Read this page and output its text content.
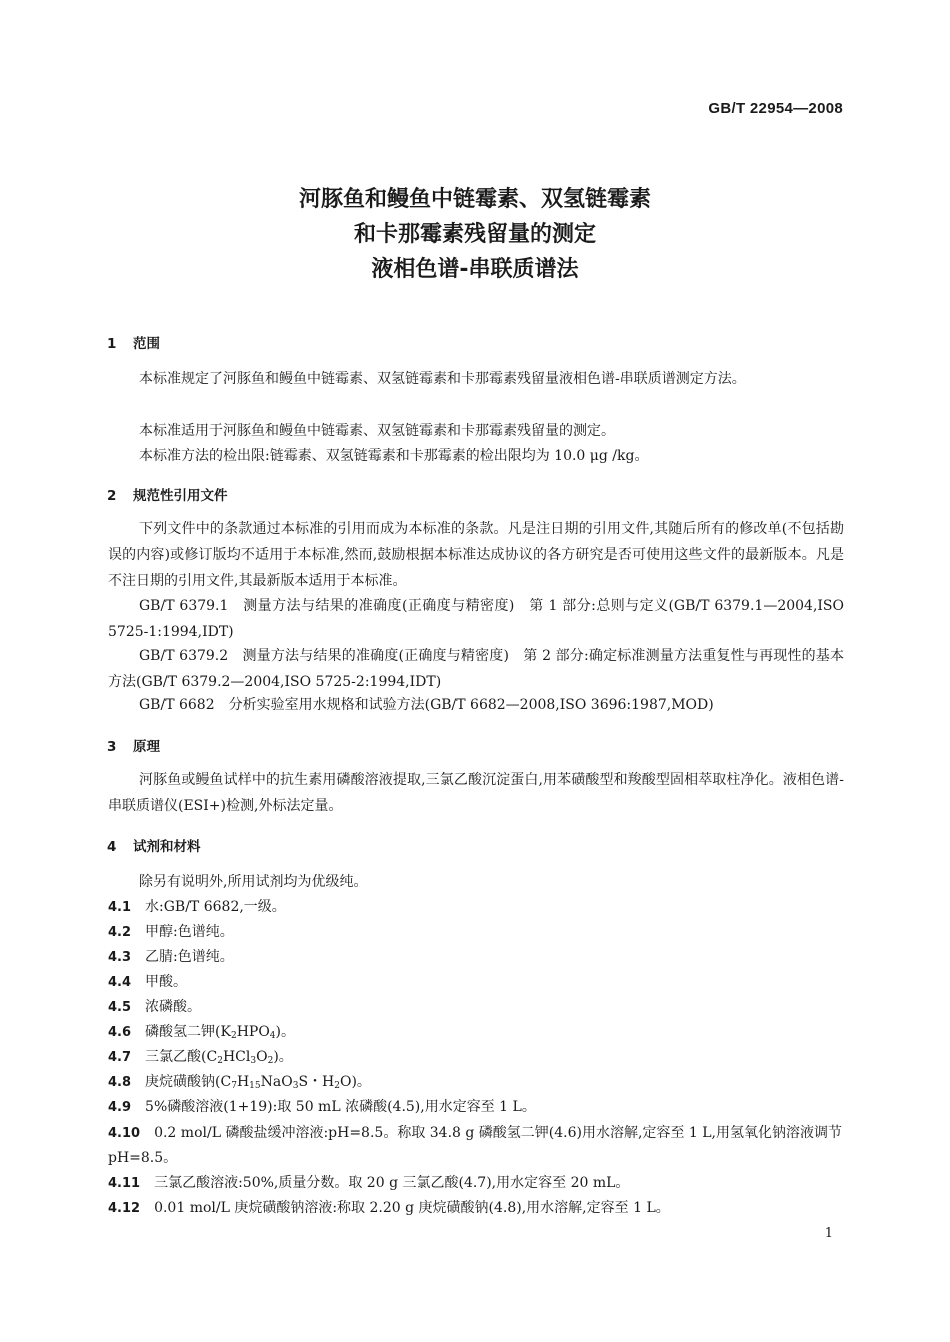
GB/T 22954—2008
河豚鱼和鳗鱼中链霉素、双氢链霉素
和卡那霉素残留量的测定
液相色谱-串联质谱法
1 范围
本标准规定了河豚鱼和鳗鱼中链霉素、双氢链霉素和卡那霉素残留量液相色谱-串联质谱测定方法。
本标准适用于河豚鱼和鳗鱼中链霉素、双氢链霉素和卡那霉素残留量的测定。
本标准方法的检出限:链霉素、双氢链霉素和卡那霉素的检出限均为 10.0 μg /kg。
2 规范性引用文件
下列文件中的条款通过本标准的引用而成为本标准的条款。凡是注日期的引用文件,其随后所有的修改单(不包括勘误的内容)或修订版均不适用于本标准,然而,鼓励根据本标准达成协议的各方研究是否可使用这些文件的最新版本。凡是不注日期的引用文件,其最新版本适用于本标准。
GB/T 6379.1　测量方法与结果的准确度(正确度与精密度)　第 1 部分:总则与定义(GB/T 6379.1—2004,ISO 5725-1:1994,IDT)
GB/T 6379.2　测量方法与结果的准确度(正确度与精密度)　第 2 部分:确定标准测量方法重复性与再现性的基本方法(GB/T 6379.2—2004,ISO 5725-2:1994,IDT)
GB/T 6682　分析实验室用水规格和试验方法(GB/T 6682—2008,ISO 3696:1987,MOD)
3 原理
河豚鱼或鳗鱼试样中的抗生素用磷酸溶液提取,三氯乙酸沉淀蛋白,用苯磺酸型和羧酸型固相萃取柱净化。液相色谱-串联质谱仪(ESI+)检测,外标法定量。
4 试剂和材料
除另有说明外,所用试剂均为优级纯。
4.1 水:GB/T 6682,一级。
4.2 甲醇:色谱纯。
4.3 乙腈:色谱纯。
4.4 甲酸。
4.5 浓磷酸。
4.6 磷酸氢二钾$(K_2HPO_4)$。
4.7 三氯乙酸$(C_2HCl_3O_2)$。
4.8 庚烷磺酸钠($C_7H_{15}NaO_3S$・$H_2O$)。
4.9 5%磷酸溶液(1+19):取 50 mL 浓磷酸(4.5),用水定容至 1 L。
4.10 0.2 mol/L 磷酸盐缓冲溶液:pH=8.5。称取 34.8 g 磷酸氢二钾(4.6)用水溶解,定容至 1 L,用氢氧化钠溶液调节 pH=8.5。
4.11 三氯乙酸溶液:50%,质量分数。取 20 g 三氯乙酸(4.7),用水定容至 20 mL。
4.12 0.01 mol/L 庚烷磺酸钠溶液:称取 2.20 g 庚烷磺酸钠(4.8),用水溶解,定容至 1 L。
1
